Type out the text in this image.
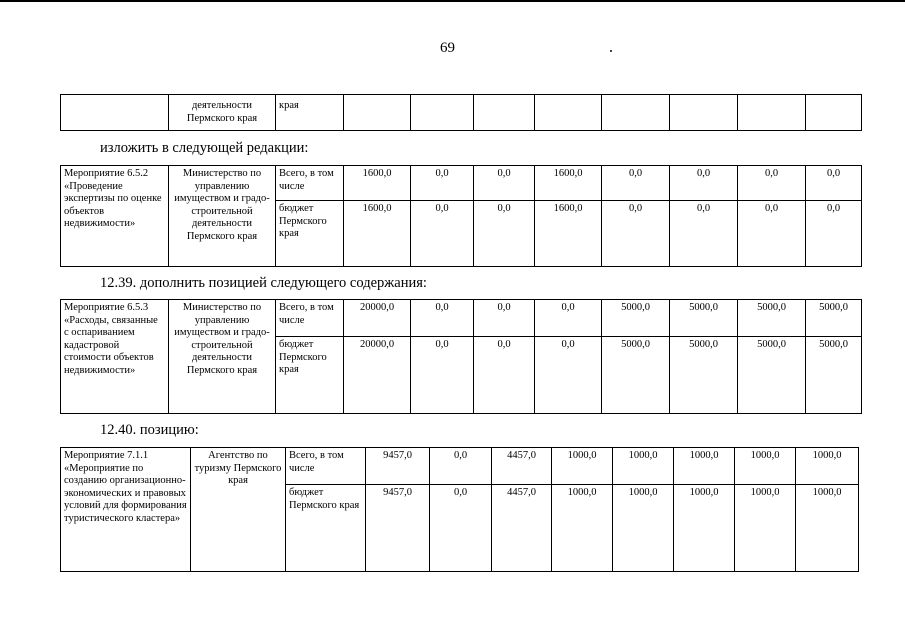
69
	деятельности Пермского края	края								
изложить в следующей редакции:
Мероприятие 6.5.2 «Проведение экспертизы по оценке объектов недвижимости»	Министерство по управлению имуществом и градо-строительной деятельности Пермского края	Всего, в том числе	1600,0	0,0	0,0	1600,0	0,0	0,0	0,0	0,0
		бюджет Пермского края	1600,0	0,0	0,0	1600,0	0,0	0,0	0,0	0,0
12.39. дополнить позицией следующего содержания:
Мероприятие 6.5.3 «Расходы, связанные с оспариванием кадастровой стоимости объектов недвижимости»	Министерство по управлению имуществом и градо-строительной деятельности Пермского края	Всего, в том числе	20000,0	0,0	0,0	0,0	5000,0	5000,0	5000,0	5000,0
		бюджет Пермского края	20000,0	0,0	0,0	0,0	5000,0	5000,0	5000,0	5000,0
12.40. позицию:
Мероприятие 7.1.1 «Мероприятие по созданию организационно-экономических и правовых условий для формирования туристического кластера»	Агентство по туризму Пермского края	Всего, в том числе	9457,0	0,0	4457,0	1000,0	1000,0	1000,0	1000,0	1000,0
		бюджет Пермского края	9457,0	0,0	4457,0	1000,0	1000,0	1000,0	1000,0	1000,0
